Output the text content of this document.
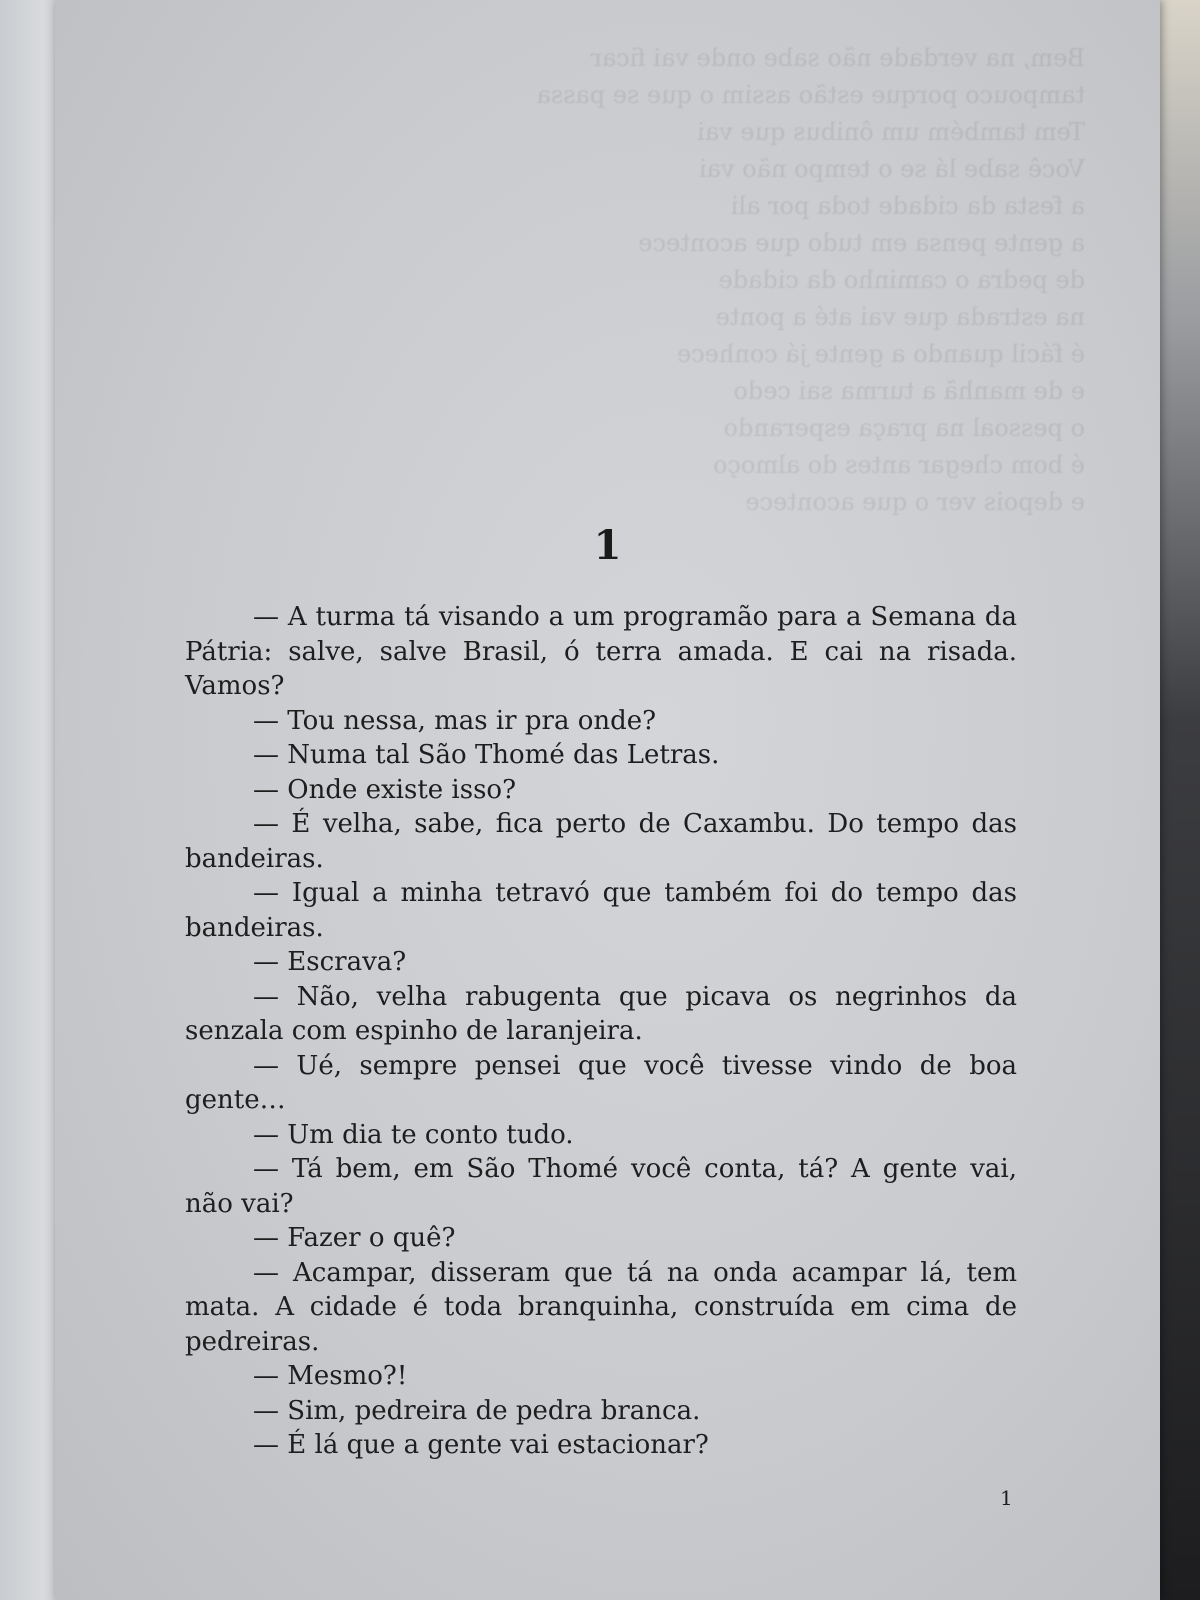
Bem, na verdade não sabe onde vai ficar
tampouco porque estão assim o que se passa
Tem também um ônibus que vai
Você sabe lá se o tempo não vai
a festa da cidade toda por ali
a gente pensa em tudo que acontece
de pedra o caminho da cidade
na estrada que vai até a ponte
é fácil quando a gente já conhece
e de manhã a turma sai cedo
o pessoal na praça esperando
é bom chegar antes do almoço
e depois ver o que acontece
1

— A turma tá visando a um programão para a Semana da Pátria: salve, salve Brasil, ó terra amada. E cai na risada. Vamos?

— Tou nessa, mas ir pra onde?

— Numa tal São Thomé das Letras.

— Onde existe isso?

— É velha, sabe, fica perto de Caxambu. Do tempo das bandeiras.

— Igual a minha tetravó que também foi do tempo das bandeiras.

— Escrava?

— Não, velha rabugenta que picava os negrinhos da senzala com espinho de laranjeira.

— Ué, sempre pensei que você tivesse vindo de boa gente…

— Um dia te conto tudo.

— Tá bem, em São Thomé você conta, tá? A gente vai, não vai?

— Fazer o quê?

— Acampar, disseram que tá na onda acampar lá, tem mata. A cidade é toda branquinha, construída em cima de pedreiras.

— Mesmo?!

— Sim, pedreira de pedra branca.

— É lá que a gente vai estacionar?

1
